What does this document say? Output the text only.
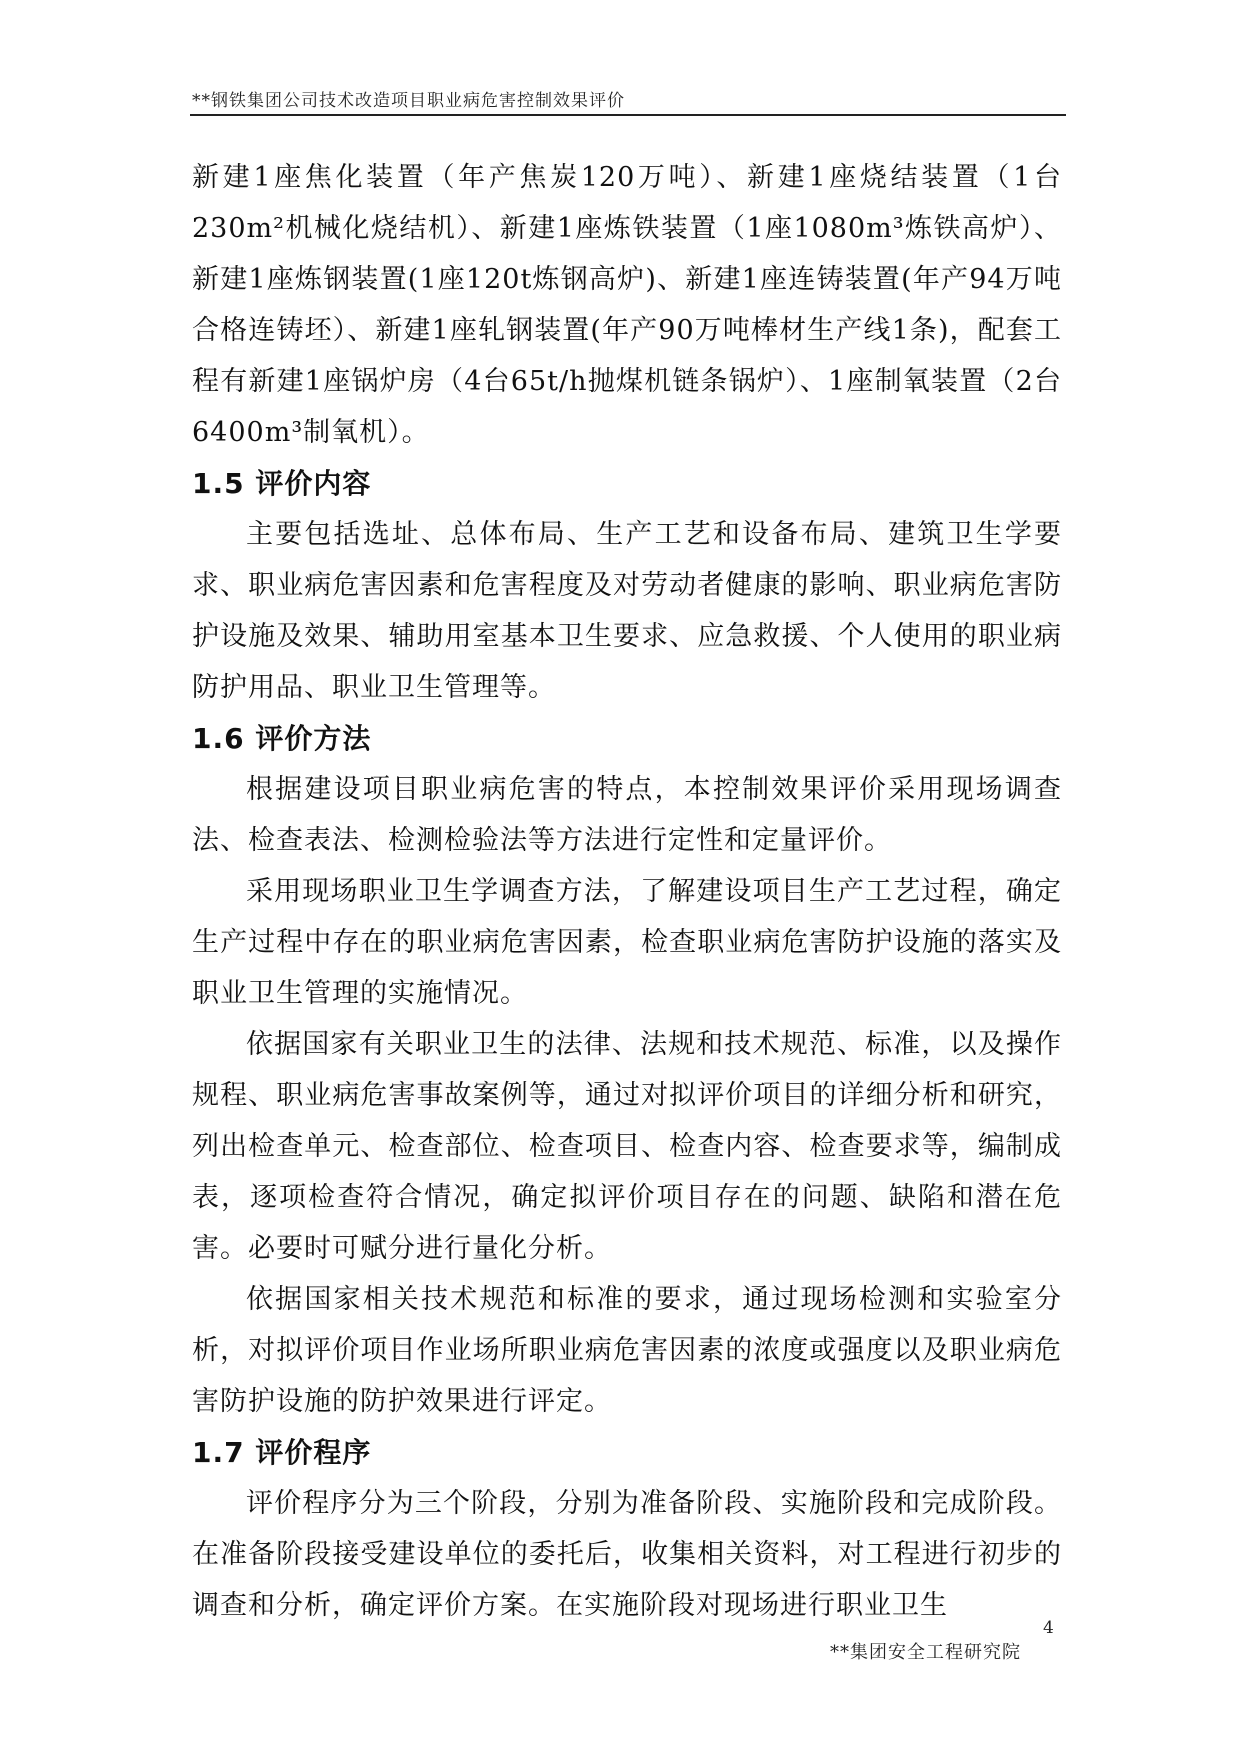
**钢铁集团公司技术改造项目职业病危害控制效果评价

新建1座焦化装置（年产焦炭120万吨）、新建1座烧结装置（1台230m²机械化烧结机）、新建1座炼铁装置（1座1080m³炼铁高炉）、新建1座炼钢装置(1座120t炼钢高炉)、新建1座连铸装置(年产94万吨合格连铸坯）、新建1座轧钢装置(年产90万吨棒材生产线1条)，配套工程有新建1座锅炉房（4台65t/h抛煤机链条锅炉）、1座制氧装置（2台6400m³制氧机）。

1.5 评价内容

主要包括选址、总体布局、生产工艺和设备布局、建筑卫生学要求、职业病危害因素和危害程度及对劳动者健康的影响、职业病危害防护设施及效果、辅助用室基本卫生要求、应急救援、个人使用的职业病防护用品、职业卫生管理等。

1.6 评价方法

根据建设项目职业病危害的特点，本控制效果评价采用现场调查法、检查表法、检测检验法等方法进行定性和定量评价。

采用现场职业卫生学调查方法，了解建设项目生产工艺过程，确定生产过程中存在的职业病危害因素，检查职业病危害防护设施的落实及职业卫生管理的实施情况。

依据国家有关职业卫生的法律、法规和技术规范、标准，以及操作规程、职业病危害事故案例等，通过对拟评价项目的详细分析和研究，列出检查单元、检查部位、检查项目、检查内容、检查要求等，编制成表，逐项检查符合情况，确定拟评价项目存在的问题、缺陷和潜在危害。必要时可赋分进行量化分析。

依据国家相关技术规范和标准的要求，通过现场检测和实验室分析，对拟评价项目作业场所职业病危害因素的浓度或强度以及职业病危害防护设施的防护效果进行评定。

1.7 评价程序

评价程序分为三个阶段，分别为准备阶段、实施阶段和完成阶段。在准备阶段接受建设单位的委托后，收集相关资料，对工程进行初步的调查和分析，确定评价方案。在实施阶段对现场进行职业卫生

4
**集团安全工程研究院
